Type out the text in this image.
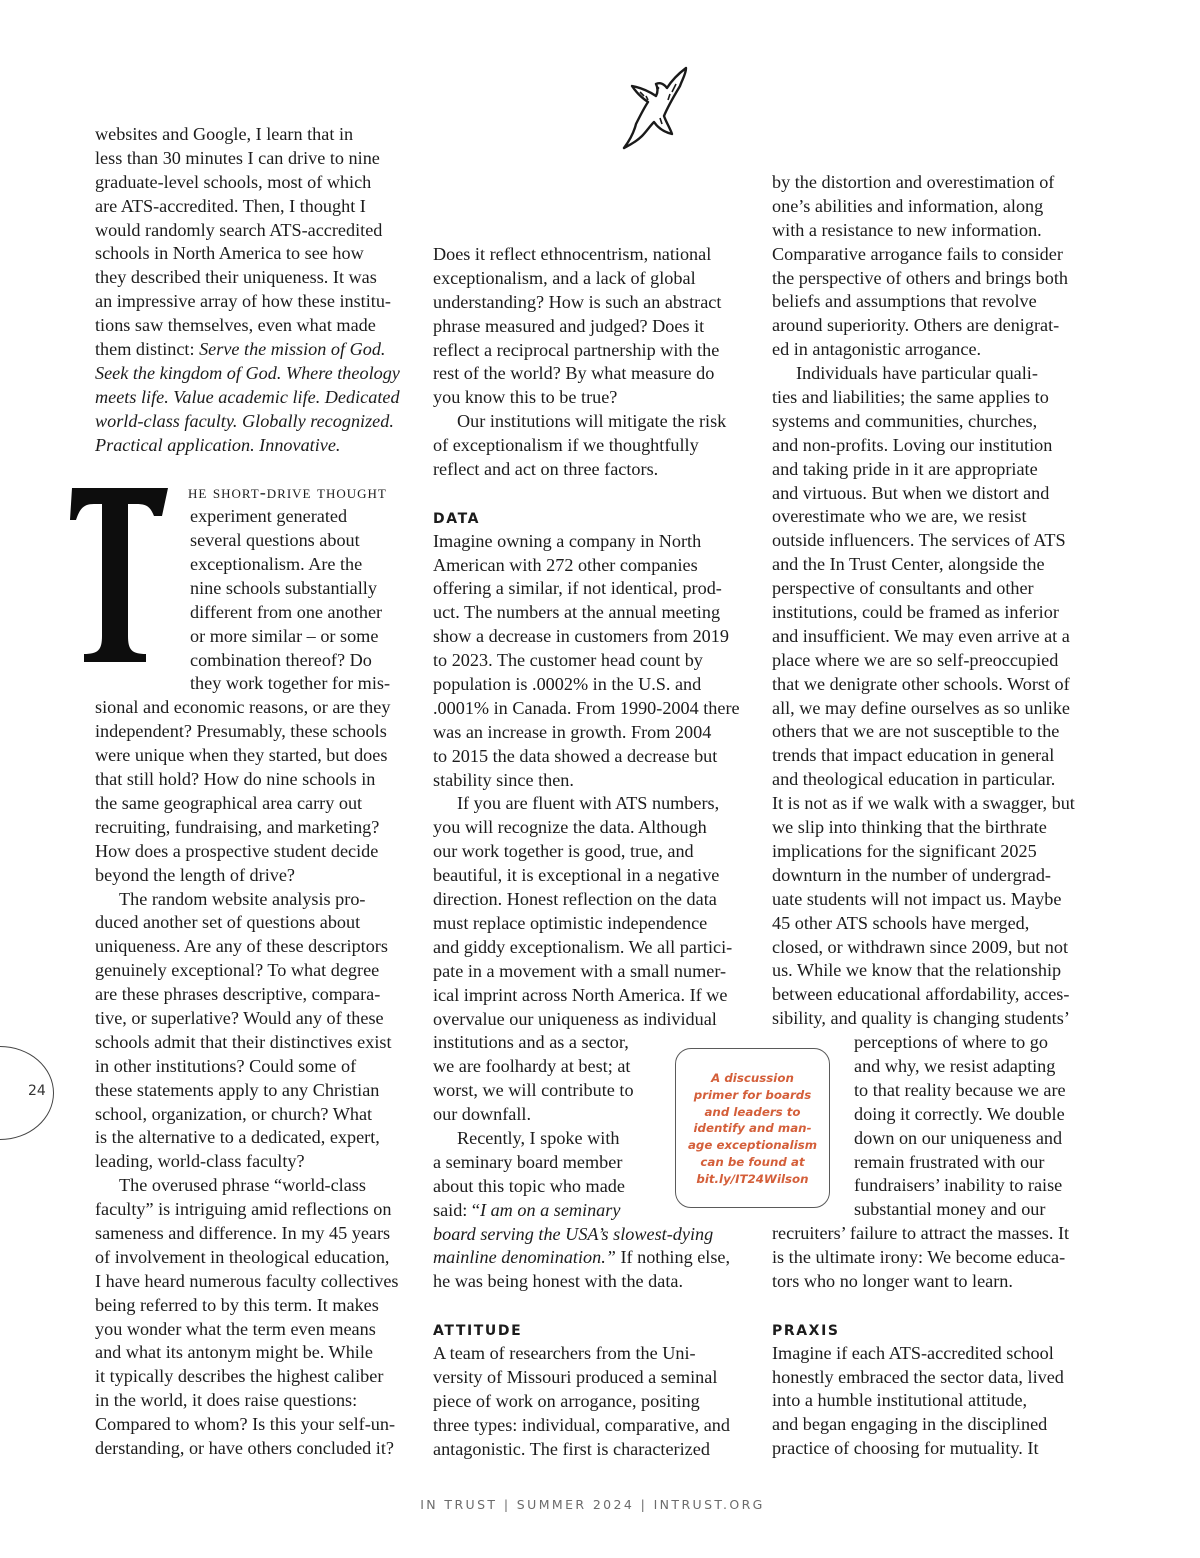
websites and Google, I learn that in
less than 30 minutes I can drive to nine
graduate-level schools, most of which
are ATS-accredited. Then, I thought I
would randomly search ATS-accredited
schools in North America to see how
they described their uniqueness. It was
an impressive array of how these institu-
tions saw themselves, even what made
them distinct: Serve the mission of God.
Seek the kingdom of God. Where theology
meets life. Value academic life. Dedicated
world-class faculty. Globally recognized.
Practical application. Innovative.
he short-drive thought
experiment generated
several questions about
exceptionalism. Are the
nine schools substantially
different from one another
or more similar – or some
combination thereof? Do
they work together for mis-
sional and economic reasons, or are they
independent? Presumably, these schools
were unique when they started, but does
that still hold? How do nine schools in
the same geographical area carry out
recruiting, fundraising, and marketing?
How does a prospective student decide
beyond the length of drive?
The random website analysis pro-
duced another set of questions about
uniqueness. Are any of these descriptors
genuinely exceptional? To what degree
are these phrases descriptive, compara-
tive, or superlative? Would any of these
schools admit that their distinctives exist
in other institutions? Could some of
these statements apply to any Christian
school, organization, or church? What
is the alternative to a dedicated, expert,
leading, world-class faculty?
The overused phrase “world-class
faculty” is intriguing amid reflections on
sameness and difference. In my 45 years
of involvement in theological education,
I have heard numerous faculty collectives
being referred to by this term. It makes
you wonder what the term even means
and what its antonym might be. While
it typically describes the highest caliber
in the world, it does raise questions:
Compared to whom? Is this your self-un-
derstanding, or have others concluded it?
T
Does it reflect ethnocentrism, national
exceptionalism, and a lack of global
understanding? How is such an abstract
phrase measured and judged? Does it
reflect a reciprocal partnership with the
rest of the world? By what measure do
you know this to be true?
Our institutions will mitigate the risk
of exceptionalism if we thoughtfully
reflect and act on three factors.
DATA
Imagine owning a company in North
American with 272 other companies
offering a similar, if not identical, prod-
uct. The numbers at the annual meeting
show a decrease in customers from 2019
to 2023. The customer head count by
population is .0002% in the U.S. and
.0001% in Canada. From 1990-2004 there
was an increase in growth. From 2004
to 2015 the data showed a decrease but
stability since then.
If you are fluent with ATS numbers,
you will recognize the data. Although
our work together is good, true, and
beautiful, it is exceptional in a negative
direction. Honest reflection on the data
must replace optimistic independence
and giddy exceptionalism. We all partici-
pate in a movement with a small numer-
ical imprint across North America. If we
overvalue our uniqueness as individual
institutions and as a sector,
we are foolhardy at best; at
worst, we will contribute to
our downfall.
Recently, I spoke with
a seminary board member
about this topic who made
said: “I am on a seminary
board serving the USA’s slowest-dying
mainline denomination.” If nothing else,
he was being honest with the data.
ATTITUDE
A team of researchers from the Uni-
versity of Missouri produced a seminal
piece of work on arrogance, positing
three types: individual, comparative, and
antagonistic. The first is characterized
by the distortion and overestimation of
one’s abilities and information, along
with a resistance to new information.
Comparative arrogance fails to consider
the perspective of others and brings both
beliefs and assumptions that revolve
around superiority. Others are denigrat-
ed in antagonistic arrogance.
Individuals have particular quali-
ties and liabilities; the same applies to
systems and communities, churches,
and non-profits. Loving our institution
and taking pride in it are appropriate
and virtuous. But when we distort and
overestimate who we are, we resist
outside influencers. The services of ATS
and the In Trust Center, alongside the
perspective of consultants and other
institutions, could be framed as inferior
and insufficient. We may even arrive at a
place where we are so self-preoccupied
that we denigrate other schools. Worst of
all, we may define ourselves as so unlike
others that we are not susceptible to the
trends that impact education in general
and theological education in particular.
It is not as if we walk with a swagger, but
we slip into thinking that the birthrate
implications for the significant 2025
downturn in the number of undergrad-
uate students will not impact us. Maybe
45 other ATS schools have merged,
closed, or withdrawn since 2009, but not
us. While we know that the relationship
between educational affordability, acces-
sibility, and quality is changing students’
perceptions of where to go
and why, we resist adapting
to that reality because we are
doing it correctly. We double
down on our uniqueness and
remain frustrated with our
fundraisers’ inability to raise
substantial money and our
recruiters’ failure to attract the masses. It
is the ultimate irony: We become educa-
tors who no longer want to learn.
PRAXIS
Imagine if each ATS-accredited school
honestly embraced the sector data, lived
into a humble institutional attitude,
and began engaging in the disciplined
practice of choosing for mutuality. It
A discussion
primer for boards
and leaders to
identify and man-
age exceptionalism
can be found at
bit.ly/IT24Wilson
24
IN TRUST | SUMMER 2024 | INTRUST.ORG
